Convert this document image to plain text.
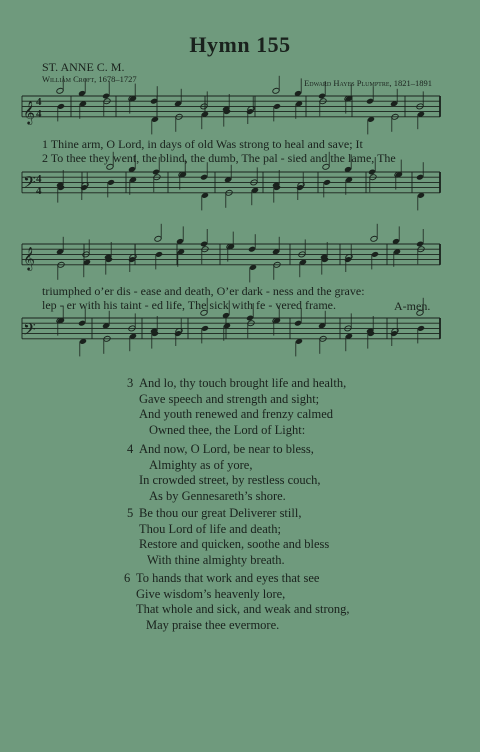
Hymn 155
ST. ANNE C. M.
William Croft, 1678–1727	Edward Hayes Plumptre, 1821–1891
𝄞
𝄢
𝄞
𝄢
4
4
4
4
1 Thine arm, O Lord, in days of old Was strong to heal and save; It
2 To thee they went, the blind, the dumb, The pal - sied and the lame, The
triumphed o’er dis - ease and death, O’er dark - ness and the grave:
lep - er with his taint - ed life, The sick with fe - vered frame.	A-men.
3 And lo, thy touch brought life and health,
Gave speech and strength and sight;
And youth renewed and frenzy calmed
Owned thee, the Lord of Light:
4 And now, O Lord, be near to bless,
Almighty as of yore,
In crowded street, by restless couch,
As by Gennesareth’s shore.
5 Be thou our great Deliverer still,
Thou Lord of life and death;
Restore and quicken, soothe and bless
With thine almighty breath.
6 To hands that work and eyes that see
Give wisdom’s heavenly lore,
That whole and sick, and weak and strong,
May praise thee evermore.
